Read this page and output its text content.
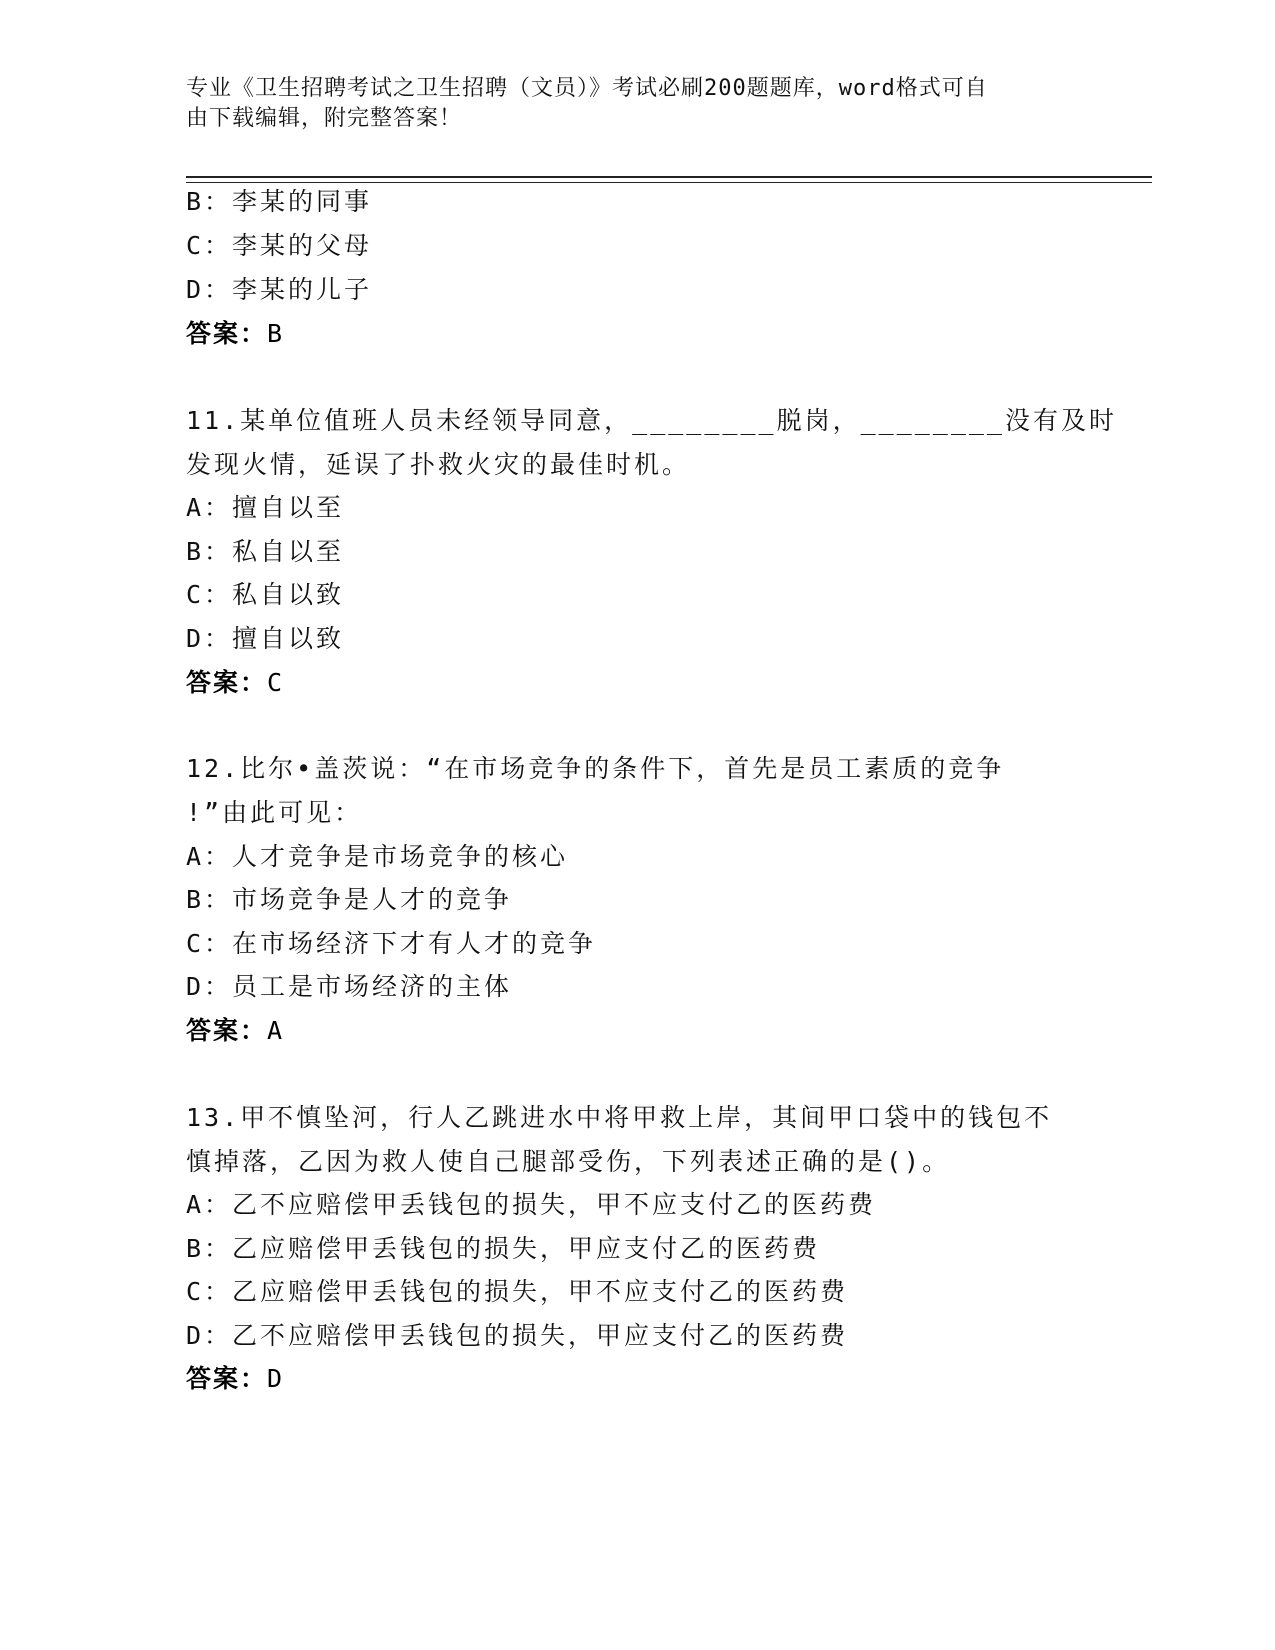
专业《卫生招聘考试之卫生招聘（文员）》考试必刷200题题库，word格式可自
由下载编辑，附完整答案！
B：李某的同事
C：李某的父母
D：李某的儿子
答案：B
11.某单位值班人员未经领导同意，________脱岗，________没有及时
发现火情，延误了扑救火灾的最佳时机。
A：擅自以至
B：私自以至
C：私自以致
D：擅自以致
答案：C
12.比尔•盖茨说：“在市场竞争的条件下，首先是员工素质的竞争
!”由此可见：
A：人才竞争是市场竞争的核心
B：市场竞争是人才的竞争
C：在市场经济下才有人才的竞争
D：员工是市场经济的主体
答案：A
13.甲不慎坠河，行人乙跳进水中将甲救上岸，其间甲口袋中的钱包不
慎掉落，乙因为救人使自己腿部受伤，下列表述正确的是()。
A：乙不应赔偿甲丢钱包的损失，甲不应支付乙的医药费
B：乙应赔偿甲丢钱包的损失，甲应支付乙的医药费
C：乙应赔偿甲丢钱包的损失，甲不应支付乙的医药费
D：乙不应赔偿甲丢钱包的损失，甲应支付乙的医药费
答案：D
